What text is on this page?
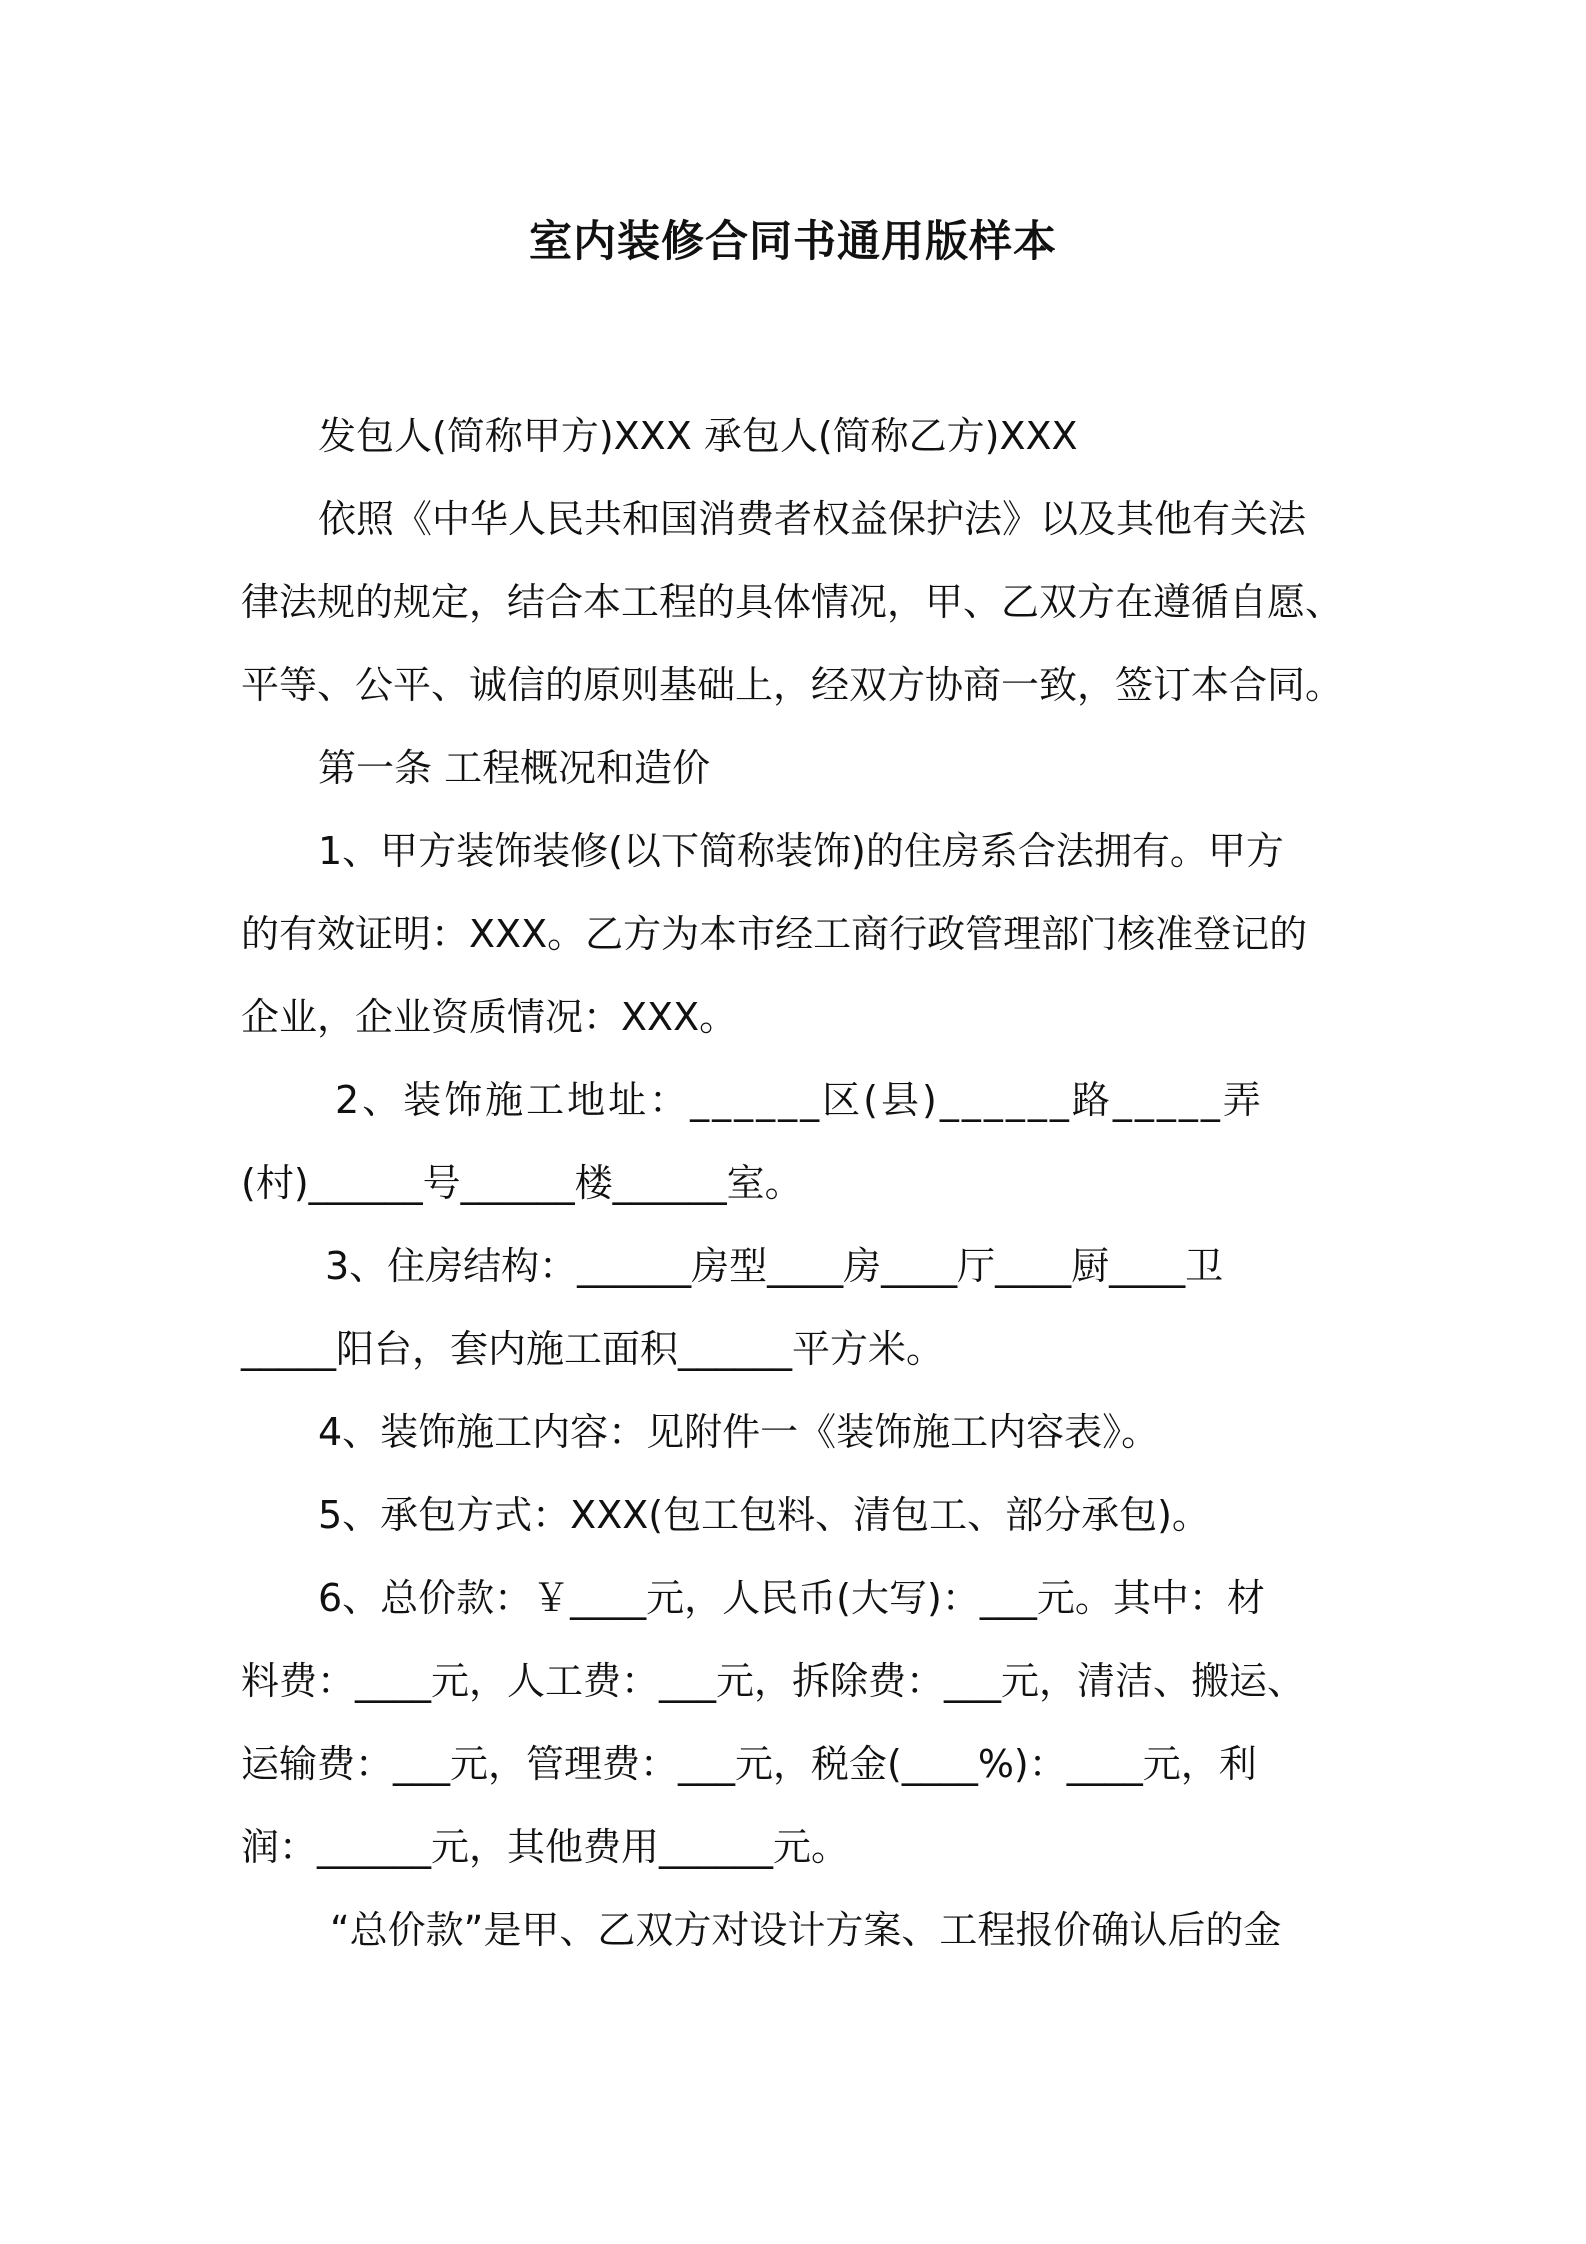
室内装修合同书通用版样本
发包人(简称甲方)XXX 承包人(简称乙方)XXX
依照《中华人民共和国消费者权益保护法》以及其他有关法
律法规的规定，结合本工程的具体情况，甲、乙双方在遵循自愿、
平等、公平、诚信的原则基础上，经双方协商一致，签订本合同。
第一条 工程概况和造价
1、甲方装饰装修(以下简称装饰)的住房系合法拥有。甲方
的有效证明：XXX。乙方为本市经工商行政管理部门核准登记的
企业，企业资质情况：XXX。
2、装饰施工地址：______区(县)______路_____弄
(村)______号______楼______室。
3、住房结构：______房型____房____厅____厨____卫
_____阳台，套内施工面积______平方米。
4、装饰施工内容：见附件一《装饰施工内容表》。
5、承包方式：XXX(包工包料、清包工、部分承包)。
6、总价款：￥____元，人民币(大写)：___元。其中：材
料费：____元，人工费：___元，拆除费：___元，清洁、搬运、
运输费：___元，管理费：___元，税金(____%)：____元，利
润：______元，其他费用______元。
“总价款”是甲、乙双方对设计方案、工程报价确认后的金
